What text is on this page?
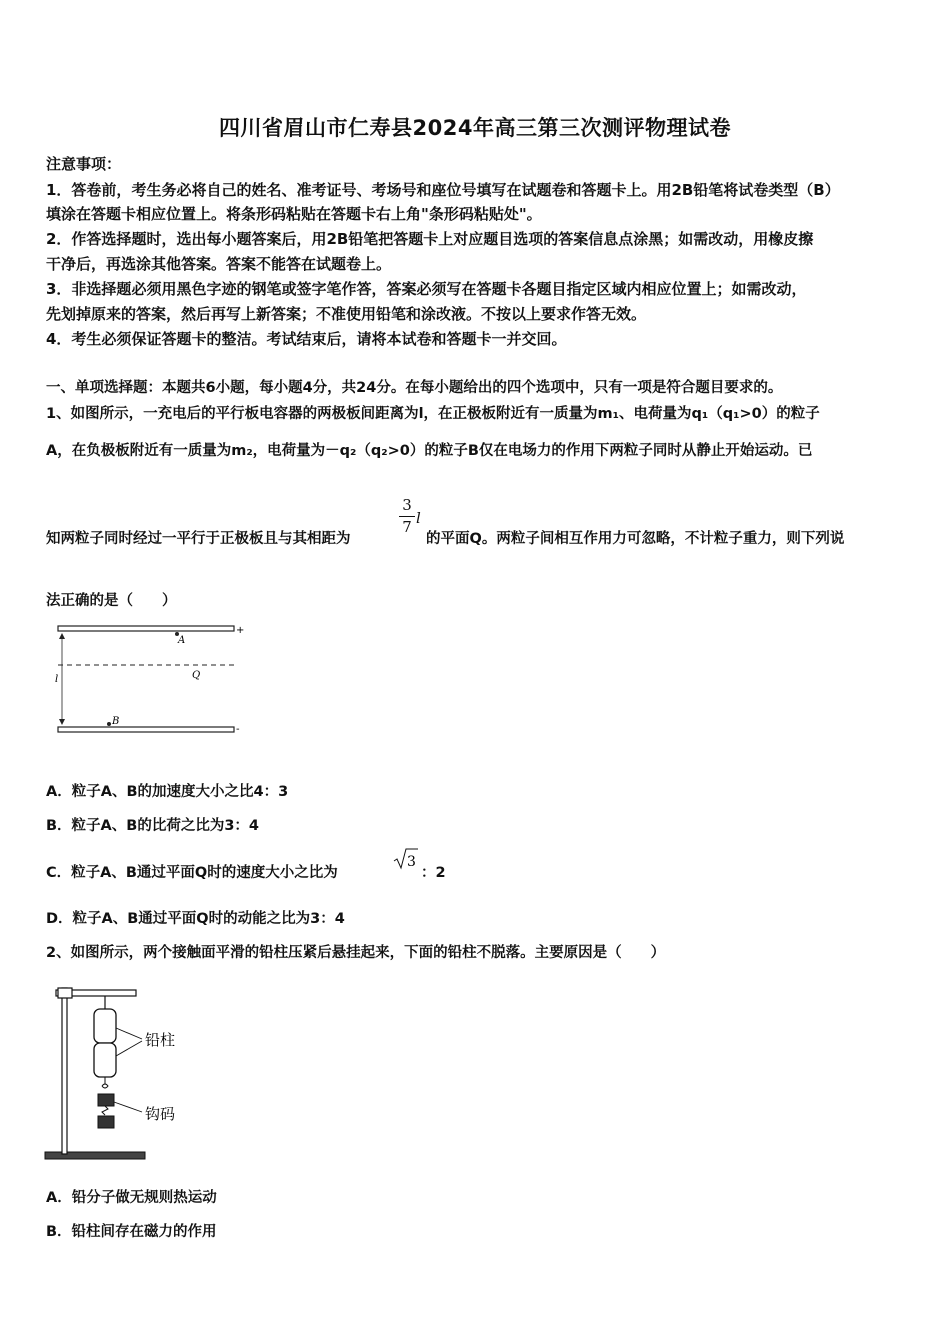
四川省眉山市仁寿县2024年高三第三次测评物理试卷
注意事项：
1．答卷前，考生务必将自己的姓名、准考证号、考场号和座位号填写在试题卷和答题卡上。用2B铅笔将试卷类型（B）
填涂在答题卡相应位置上。将条形码粘贴在答题卡右上角"条形码粘贴处"。
2．作答选择题时，选出每小题答案后，用2B铅笔把答题卡上对应题目选项的答案信息点涂黑；如需改动，用橡皮擦
干净后，再选涂其他答案。答案不能答在试题卷上。
3．非选择题必须用黑色字迹的钢笔或签字笔作答，答案必须写在答题卡各题目指定区域内相应位置上；如需改动，
先划掉原来的答案，然后再写上新答案；不准使用铅笔和涂改液。不按以上要求作答无效。
4．考生必须保证答题卡的整洁。考试结束后，请将本试卷和答题卡一并交回。
一、单项选择题：本题共6小题，每小题4分，共24分。在每小题给出的四个选项中，只有一项是符合题目要求的。
1、如图所示，一充电后的平行板电容器的两极板间距离为l，在正极板附近有一质量为m₁、电荷量为q₁（q₁>0）的粒子
A，在负极板附近有一质量为m₂，电荷量为－q₂（q₂>0）的粒子B仅在电场力的作用下两粒子同时从静止开始运动。已
知两粒子同时经过一平行于正极板且与其相距为
3
7 l
的平面Q。两粒子间相互作用力可忽略，不计粒子重力，则下列说
法正确的是（　　）
A
B
Q
l
+
-
A．粒子A、B的加速度大小之比4：3
B．粒子A、B的比荷之比为3：4
C．粒子A、B通过平面Q时的速度大小之比为
3
：2
D．粒子A、B通过平面Q时的动能之比为3：4
2、如图所示，两个接触面平滑的铅柱压紧后悬挂起来，下面的铅柱不脱落。主要原因是（　　）
铅柱
钩码
A．铅分子做无规则热运动
B．铅柱间存在磁力的作用
